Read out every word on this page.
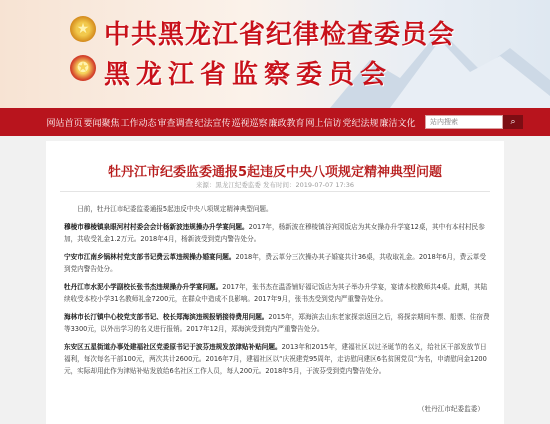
★ 中共黑龙江省纪律检查委员会
✪ 黑龙江省监察委员会
网站首页 要闻聚焦 工作动态 审查调查 纪法宣传 巡视巡察 廉政教育 网上信访 党纪法规 廉洁文化
站内搜索	⌕
牡丹江市纪委监委通报5起违反中央八项规定精神典型问题
来源：黑龙江纪委监委 发布时间：2019-07-07 17:36
  日前，牡丹江市纪委监委通报5起违反中央八项规定精神典型问题。
穆棱市穆棱镇泉眼河村村委会会计杨新波违规操办升学宴问题。2017年，杨新波在穆棱镇谷宾园饭店为其女操办升学宴12桌，其中有本村村民参加，共收受礼金1.2万元。2018年4月，杨新波受到党内警告处分。
宁安市江南乡锅林村党支部书记费云革违规操办婚宴问题。2018年，费云革分三次操办其子婚宴共计36桌，共收取礼金。2018年6月，费云革受到党内警告处分。
牡丹江市水泥小学副校长张书杰违规操办升学宴问题。2017年，张书杰在温香铺好福记饭店为其子举办升学宴，宴请本校教师共4桌。此期，其陆续收受本校小学31名教师礼金7200元，在群众中造成不良影响。2017年9月，张书杰受到党内严重警告处分。
海林市长汀镇中心校党支部书记、校长郑海滨违规报销接待费用问题。2015年，郑海滨去山东老家探亲返回之后，将探亲期间车票、船票、住宿费等3300元，以外出学习的名义进行报销。2017年12月，郑海滨受到党内严重警告处分。
东安区五星街道办事处建福社区党委原书记于波芬违规发放津贴补贴问题。2013年和2015年，建福社区以过圣诞节的名义，给社区干部发放节日福利，每次每名干部100元，两次共计2600元。2016年7月，建福社区以“庆祝建党95周年，走访慰问建区6名贫困党员”为名，申请慰问金1200元，实际却用此作为津贴补贴发放给6名社区工作人员，每人200元。2018年5月，于波芬受到党内警告处分。
（牡丹江市纪委监委）
